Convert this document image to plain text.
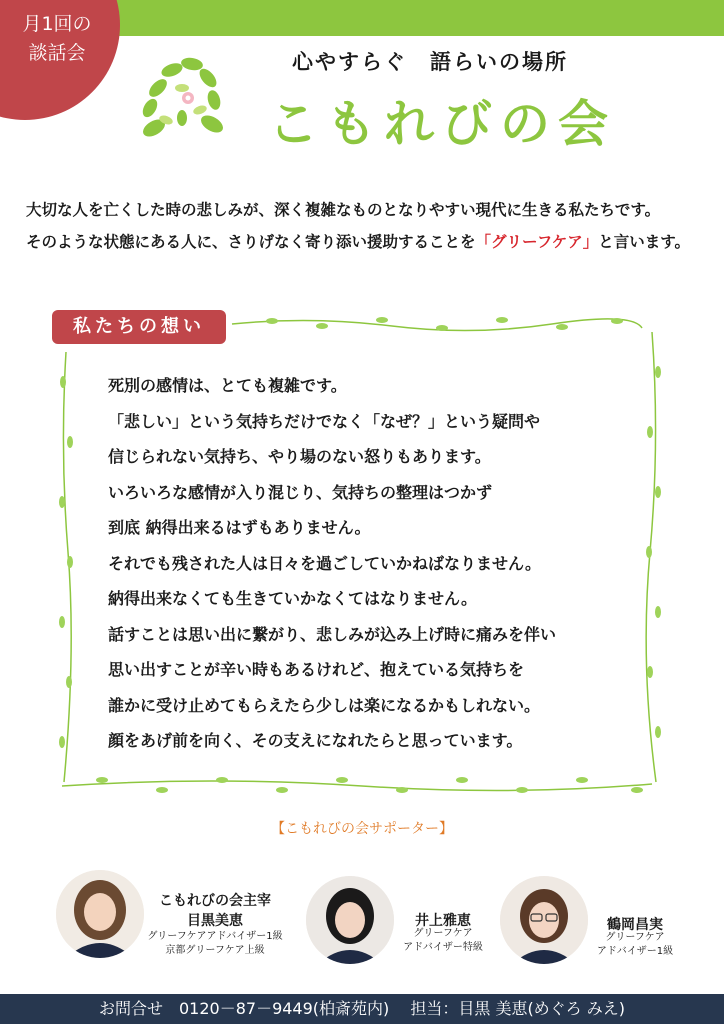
月1回の
談話会	心やすらぐ　語らいの場所
こもれびの会
大切な人を亡くした時の悲しみが、深く複雑なものとなりやすい現代に生きる私たちです。
そのような状態にある人に、さりげなく寄り添い援助することを「グリーフケア」と言います。
私たちの想い
死別の感情は、とても複雑です。
「悲しい」という気持ちだけでなく「なぜ？」という疑問や
信じられない気持ち、やり場のない怒りもあります。
いろいろな感情が入り混じり、気持ちの整理はつかず
到底 納得出来るはずもありません。
それでも残された人は日々を過ごしていかねばなりません。
納得出来なくても生きていかなくてはなりません。
話すことは思い出に繋がり、悲しみが込み上げ時に痛みを伴い
思い出すことが辛い時もあるけれど、抱えている気持ちを
誰かに受け止めてもらえたら少しは楽になるかもしれない。
顔をあげ前を向く、その支えになれたらと思っています。
【こもれびの会サポーター】
こもれびの会主宰
目黒美恵
グリーフケアアドバイザー1級
京都グリーフケア上級
井上雅恵
グリーフケア
アドバイザー特級
鶴岡昌実
グリーフケア
アドバイザー1級
お問合せ　0120－87－9449(柏斎苑内)　 担当：目黒 美恵(めぐろ みえ)
